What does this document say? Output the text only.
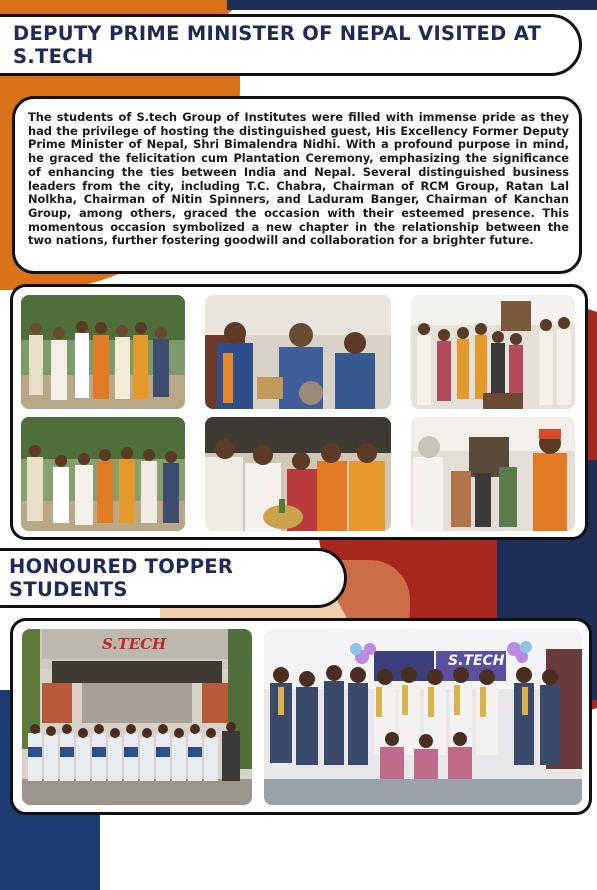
DEPUTY PRIME MINISTER OF NEPAL VISITED AT S.TECH

The students of S.tech Group of Institutes were filled with immense pride as they had the privilege of hosting the distinguished guest, His Excellency Former Deputy Prime Minister of Nepal, Shri Bimalendra Nidhi. With a profound purpose in mind, he graced the felicitation cum Plantation Ceremony, emphasizing the significance of enhancing the ties between India and Nepal. Several distinguished business leaders from the city, including T.C. Chabra, Chairman of RCM Group, Ratan Lal Nolkha, Chairman of Nitin Spinners, and Laduram Banger, Chairman of Kanchan Group, among others, graced the occasion with their esteemed presence. This momentous occasion symbolized a new chapter in the relationship between the two nations, further fostering goodwill and collaboration for a brighter future.

HONOURED TOPPER STUDENTS
S.TECH
S.TECH
